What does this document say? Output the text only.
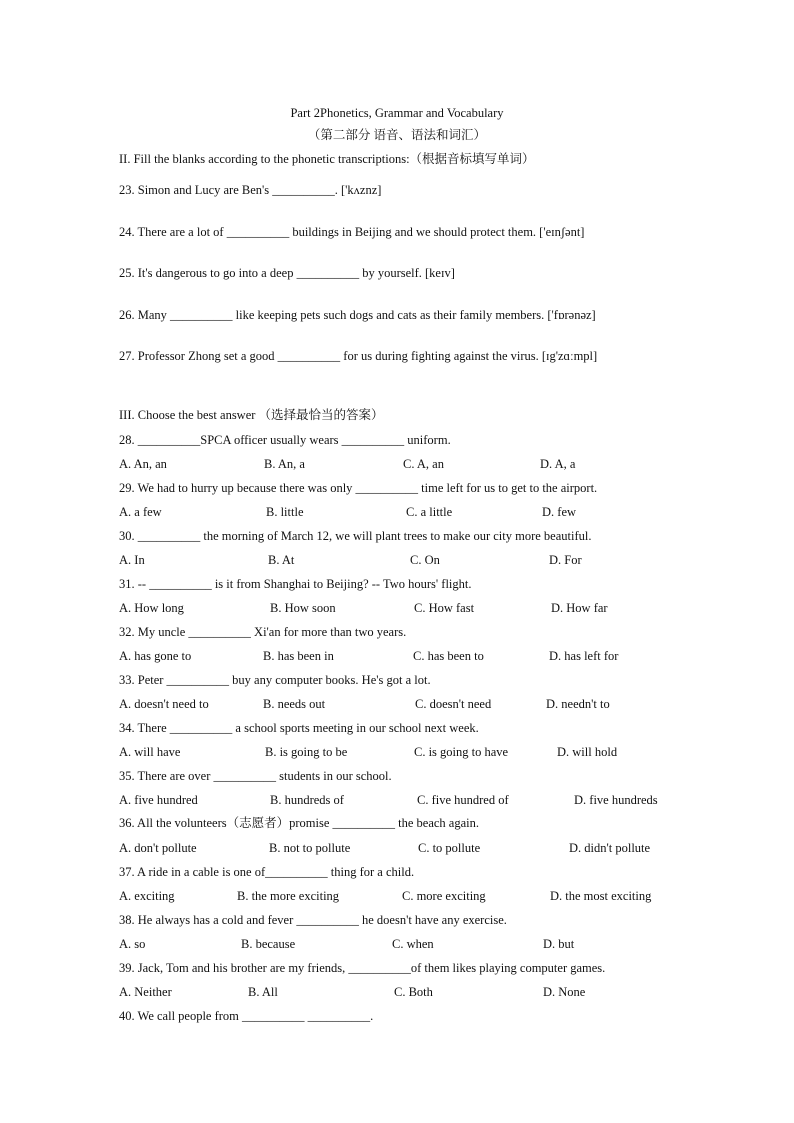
Part 2Phonetics, Grammar and Vocabulary
（第二部分 语音、语法和词汇）
II. Fill the blanks according to the phonetic transcriptions:（根据音标填写单词）
23. Simon and Lucy are Ben's __________. ['kʌznz]
24. There are a lot of __________ buildings in Beijing and we should protect them. ['eɪnʃənt]
25. It's dangerous to go into a deep __________ by yourself. [keɪv]
26. Many __________ like keeping pets such dogs and cats as their family members. ['fɒrənəz]
27. Professor Zhong set a good __________ for us during fighting against the virus. [ɪg'zɑːmpl]
III. Choose the best answer （选择最恰当的答案）
28. __________SPCA officer usually wears __________ uniform.
A. An, an	B. An, a	C. A, an	D. A, a
29. We had to hurry up because there was only __________ time left for us to get to the airport.
A. a few	B. little	C. a little	D. few
30. __________ the morning of March 12, we will plant trees to make our city more beautiful.
A. In	B. At	C. On	D. For
31. -- __________ is it from Shanghai to Beijing? -- Two hours' flight.
A. How long	B. How soon	C. How fast	D. How far
32. My uncle __________ Xi'an for more than two years.
A. has gone to	B. has been in	C. has been to	D. has left for
33. Peter __________ buy any computer books. He's got a lot.
A. doesn't need to	B. needs out	C. doesn't need	D. needn't to
34. There __________ a school sports meeting in our school next week.
A. will have	B. is going to be	C. is going to have	D. will hold
35. There are over __________ students in our school.
A. five hundred	B. hundreds of	C. five hundred of	D. five hundreds
36. All the volunteers（志愿者）promise __________ the beach again.
A. don't pollute	B. not to pollute	C. to pollute	D. didn't pollute
37. A ride in a cable is one of__________ thing for a child.
A. exciting	B. the more exciting	C. more exciting	D. the most exciting
38. He always has a cold and fever __________ he doesn't have any exercise.
A. so	B. because	C. when	D. but
39. Jack, Tom and his brother are my friends, __________of them likes playing computer games.
A. Neither	B. All	C. Both	D. None
40. We call people from __________ __________.
